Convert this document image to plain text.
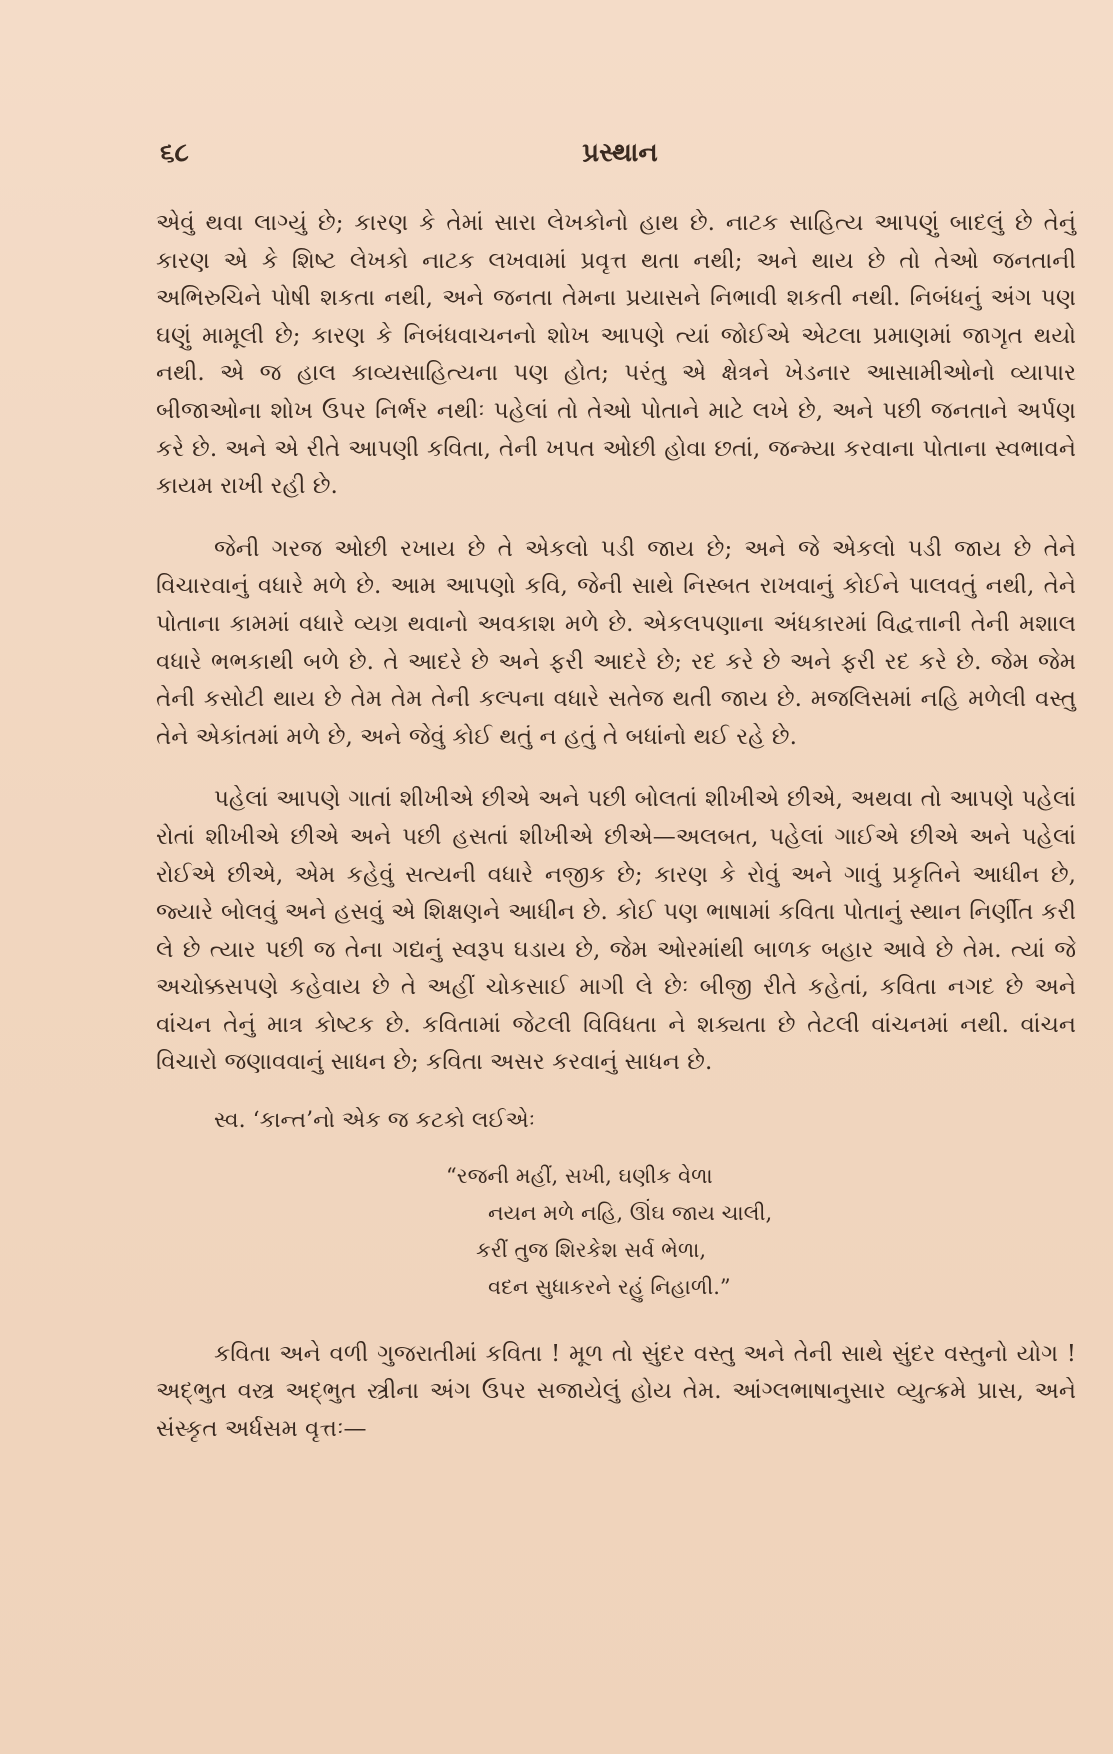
૬૮	પ્રસ્થાન

એવું થવા લાગ્યું છે; કારણ કે તેમાં સારા લેખકોનો હાથ છે. નાટક સાહિત્ય આપણું બાદલું છે તેનું કારણ એ કે શિષ્ટ લેખકો નાટક લખવામાં પ્રવૃત્ત થતા નથી; અને થાય છે તો તેઓ જનતાની અભિરુચિને પોષી શકતા નથી, અને જનતા તેમના પ્રયાસને નિભાવી શકતી નથી. નિબંધનું અંગ પણ ઘણું મામૂલી છે; કારણ કે નિબંધવાચનનો શોખ આપણે ત્યાં જોઈએ એટલા પ્રમાણમાં જાગૃત થયો નથી. એ જ હાલ કાવ્યસાહિત્યના પણ હોત; પરંતુ એ ક્ષેત્રને ખેડનાર આસામીઓનો વ્યાપાર બીજાઓના શોખ ઉપર નિર્ભર નથીઃ પહેલાં તો તેઓ પોતાને માટે લખે છે, અને પછી જનતાને અર્પણ કરે છે. અને એ રીતે આપણી કવિતા, તેની ખપત ઓછી હોવા છતાં, જન્મ્યા કરવાના પોતાના સ્વભાવને કાયમ રાખી રહી છે.

જેની ગરજ ઓછી રખાય છે તે એકલો પડી જાય છે; અને જે એકલો પડી જાય છે તેને વિચારવાનું વધારે મળે છે. આમ આપણો કવિ, જેની સાથે નિસ્બત રાખવાનું કોઈને પાલવતું નથી, તેને પોતાના કામમાં વધારે વ્યગ્ર થવાનો અવકાશ મળે છે. એકલપણાના અંધકારમાં વિદ્વત્તાની તેની મશાલ વધારે ભભકાથી બળે છે. તે આદરે છે અને ફરી આદરે છે; રદ કરે છે અને ફરી રદ કરે છે. જેમ જેમ તેની કસોટી થાય છે તેમ તેમ તેની કલ્પના વધારે સતેજ થતી જાય છે. મજલિસમાં નહિ મળેલી વસ્તુ તેને એકાંતમાં મળે છે, અને જેવું કોઈ થતું ન હતું તે બધાંનો થઈ રહે છે.

પહેલાં આપણે ગાતાં શીખીએ છીએ અને પછી બોલતાં શીખીએ છીએ, અથવા તો આપણે પહેલાં રોતાં શીખીએ છીએ અને પછી હસતાં શીખીએ છીએ—અલબત, પહેલાં ગાઈએ છીએ અને પહેલાં રોઈએ છીએ, એમ કહેવું સત્યની વધારે નજીક છે; કારણ કે રોવું અને ગાવું પ્રકૃતિને આધીન છે, જ્યારે બોલવું અને હસવું એ શિક્ષણને આધીન છે. કોઈ પણ ભાષામાં કવિતા પોતાનું સ્થાન નિર્ણીત કરી લે છે ત્યાર પછી જ તેના ગદ્યનું સ્વરૂપ ઘડાય છે, જેમ ઓરમાંથી બાળક બહાર આવે છે તેમ. ત્યાં જે અચોક્કસપણે કહેવાય છે તે અહીં ચોકસાઈ માગી લે છેઃ બીજી રીતે કહેતાં, કવિતા નગદ છે અને વાંચન તેનું માત્ર કોષ્ટક છે. કવિતામાં જેટલી વિવિધતા ને શક્યતા છે તેટલી વાંચનમાં નથી. વાંચન વિચારો જણાવવાનું સાધન છે; કવિતા અસર કરવાનું સાધન છે.

સ્વ. ‘કાન્ત’નો એક જ કટકો લઈએઃ

“રજની મહીં, સખી, ઘણીક વેળા
નયન મળે નહિ, ઊંઘ જાય ચાલી,
કરીં તુજ શિરકેશ સર્વ ભેળા,
વદન સુધાકરને રહું નિહાળી.”

કવિતા અને વળી ગુજરાતીમાં કવિતા ! મૂળ તો સુંદર વસ્તુ અને તેની સાથે સુંદર વસ્તુનો યોગ ! અદ્ભુત વસ્ત્ર અદ્ભુત સ્ત્રીના અંગ ઉપર સજાયેલું હોય તેમ. આંગ્લભાષાનુસાર વ્યુત્ક્રમે પ્રાસ, અને સંસ્કૃત અર્ધસમ વૃત્તઃ—
